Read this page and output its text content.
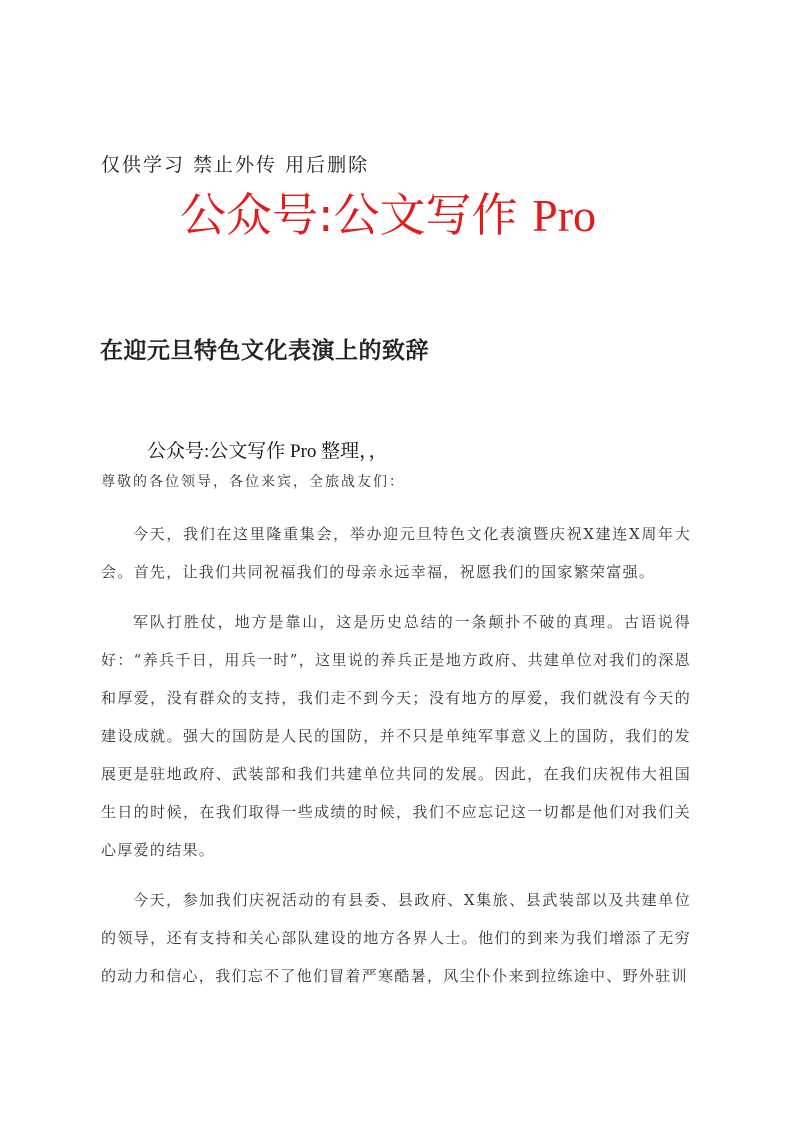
仅供学习 禁止外传 用后删除
公众号:公文写作 Pro
在迎元旦特色文化表演上的致辞
公众号:公文写作 Pro 整理，，
尊敬的各位领导，各位来宾，全旅战友们：

今天，我们在这里隆重集会，举办迎元旦特色文化表演暨庆祝X建连X周年大会。首先，让我们共同祝福我们的母亲永远幸福，祝愿我们的国家繁荣富强。

军队打胜仗，地方是靠山，这是历史总结的一条颠扑不破的真理。古语说得好：“养兵千日，用兵一时”，这里说的养兵正是地方政府、共建单位对我们的深恩和厚爱，没有群众的支持，我们走不到今天；没有地方的厚爱，我们就没有今天的建设成就。强大的国防是人民的国防，并不只是单纯军事意义上的国防，我们的发展更是驻地政府、武装部和我们共建单位共同的发展。因此，在我们庆祝伟大祖国生日的时候，在我们取得一些成绩的时候，我们不应忘记这一切都是他们对我们关心厚爱的结果。

今天，参加我们庆祝活动的有县委、县政府、X集旅、县武装部以及共建单位的领导，还有支持和关心部队建设的地方各界人士。他们的到来为我们增添了无穷的动力和信心，我们忘不了他们冒着严寒酷暑，风尘仆仆来到拉练途中、野外驻训
